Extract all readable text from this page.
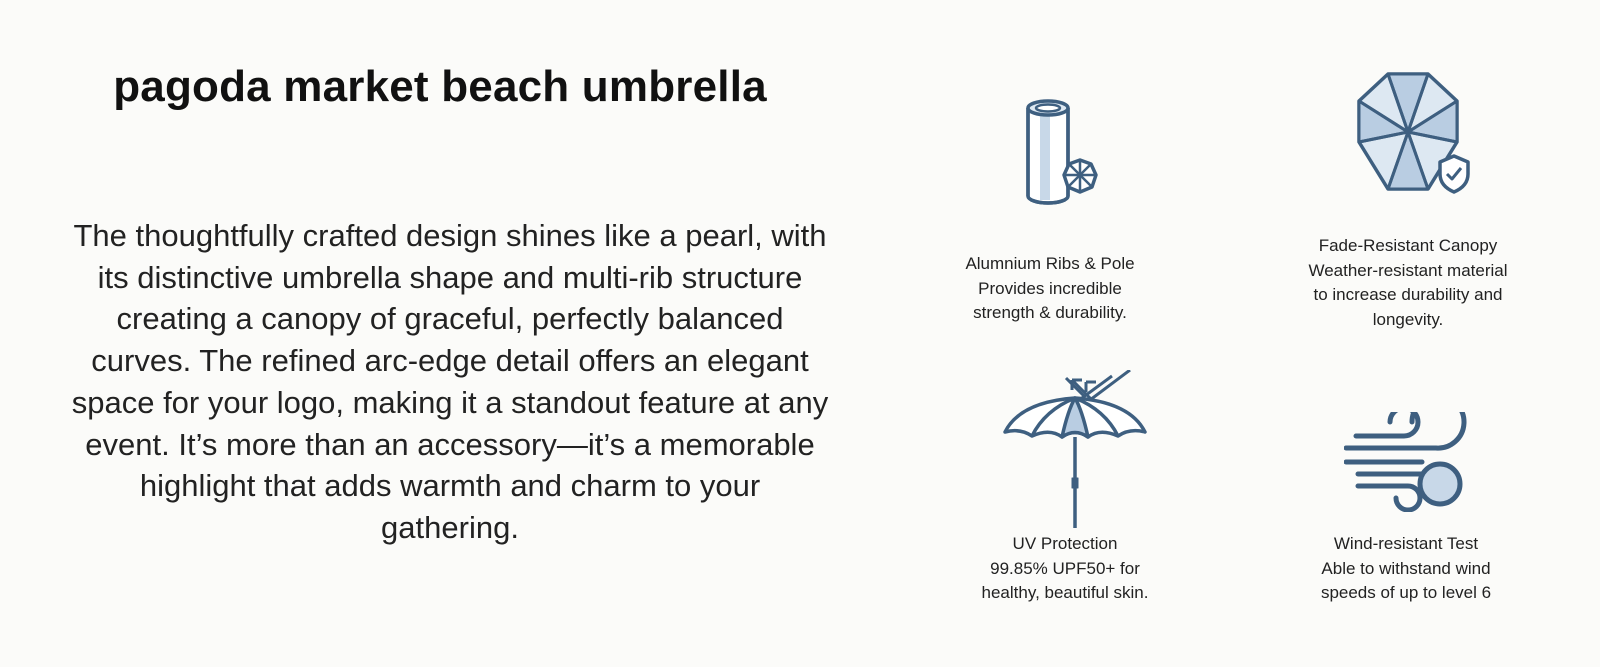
pagoda market beach umbrella

The thoughtfully crafted design shines like a pearl, with its distinctive umbrella shape and multi-rib structure creating a canopy of graceful, perfectly balanced curves. The refined arc-edge detail offers an elegant space for your logo, making it a standout feature at any event. It’s more than an accessory—it’s a memorable highlight that adds warmth and charm to your gathering.

Alumnium Ribs & Pole
Provides incredible
strength & durability.
Fade-Resistant Canopy
Weather-resistant material
to increase durability and
longevity.
UV Protection
99.85% UPF50+ for
healthy, beautiful skin.
Wind-resistant Test
Able to withstand wind
speeds of up to level 6
